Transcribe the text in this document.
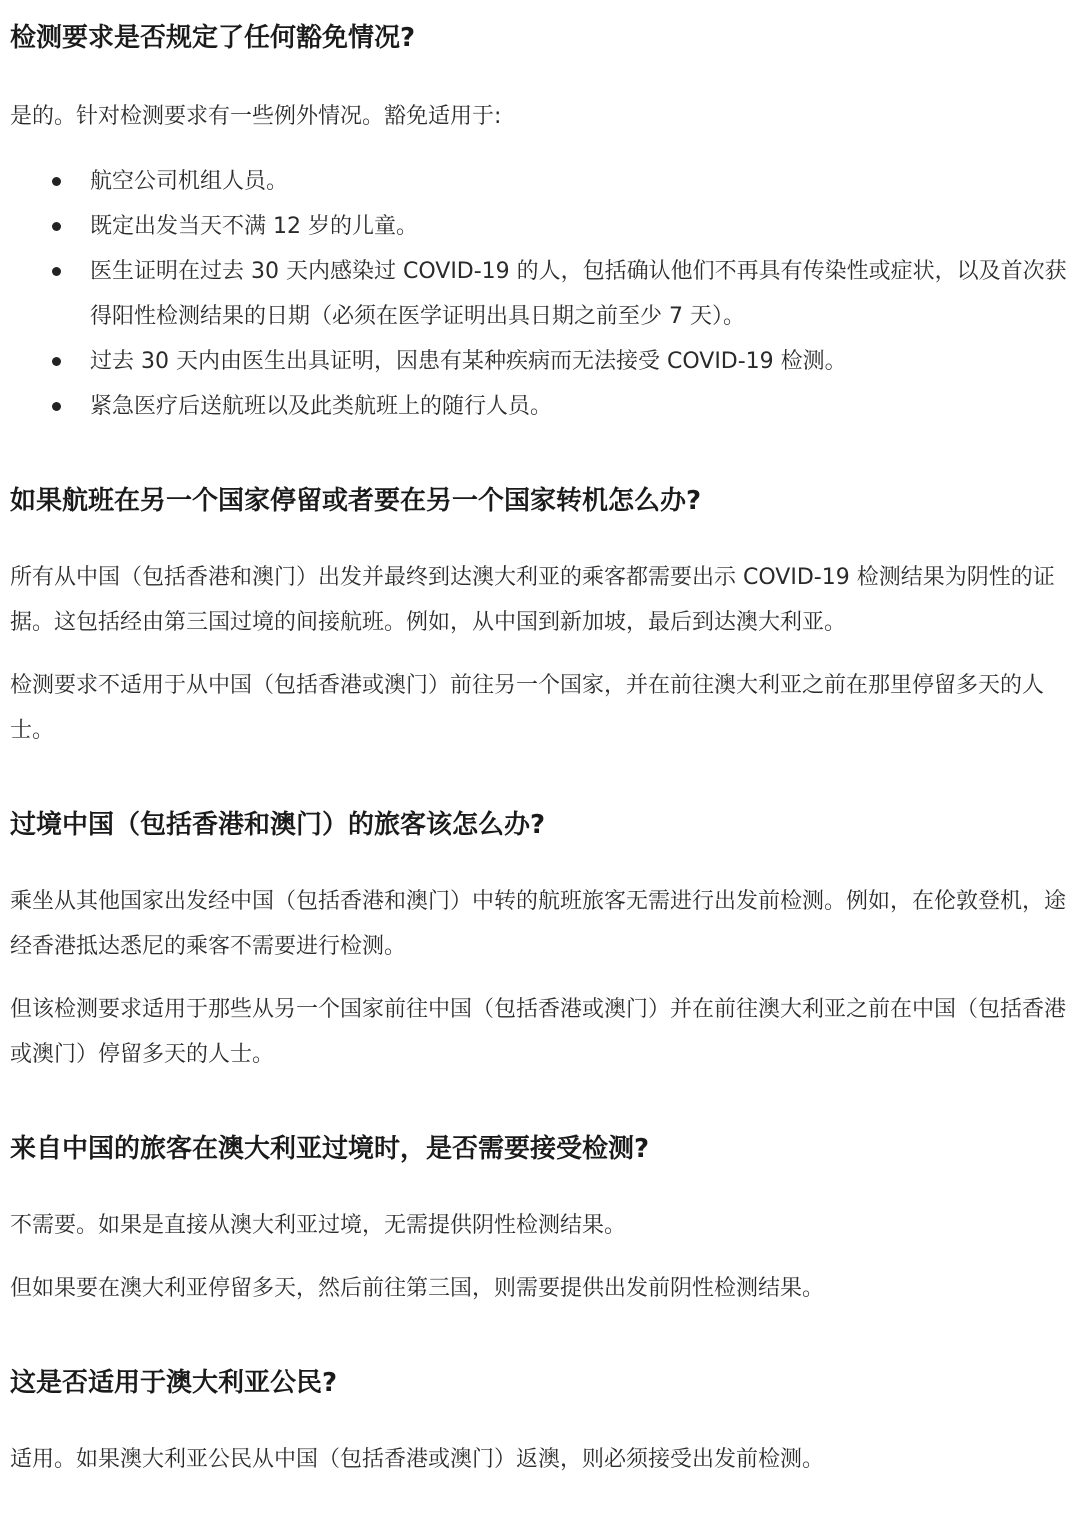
检测要求是否规定了任何豁免情况?

是的。针对检测要求有一些例外情况。豁免适用于:

航空公司机组人员。
既定出发当天不满 12 岁的儿童。
医生证明在过去 30 天内感染过 COVID-19 的人，包括确认他们不再具有传染性或症状，以及首次获得阳性检测结果的日期（必须在医学证明出具日期之前至少 7 天）。
过去 30 天内由医生出具证明，因患有某种疾病而无法接受 COVID-19 检测。
紧急医疗后送航班以及此类航班上的随行人员。
如果航班在另一个国家停留或者要在另一个国家转机怎么办?

所有从中国（包括香港和澳门）出发并最终到达澳大利亚的乘客都需要出示 COVID-19 检测结果为阴性的证据。这包括经由第三国过境的间接航班。例如，从中国到新加坡，最后到达澳大利亚。

检测要求不适用于从中国（包括香港或澳门）前往另一个国家，并在前往澳大利亚之前在那里停留多天的人士。

过境中国（包括香港和澳门）的旅客该怎么办?

乘坐从其他国家出发经中国（包括香港和澳门）中转的航班旅客无需进行出发前检测。例如，在伦敦登机，途经香港抵达悉尼的乘客不需要进行检测。

但该检测要求适用于那些从另一个国家前往中国（包括香港或澳门）并在前往澳大利亚之前在中国（包括香港或澳门）停留多天的人士。

来自中国的旅客在澳大利亚过境时，是否需要接受检测?

不需要。如果是直接从澳大利亚过境，无需提供阴性检测结果。

但如果要在澳大利亚停留多天，然后前往第三国，则需要提供出发前阴性检测结果。

这是否适用于澳大利亚公民?

适用。如果澳大利亚公民从中国（包括香港或澳门）返澳，则必须接受出发前检测。
